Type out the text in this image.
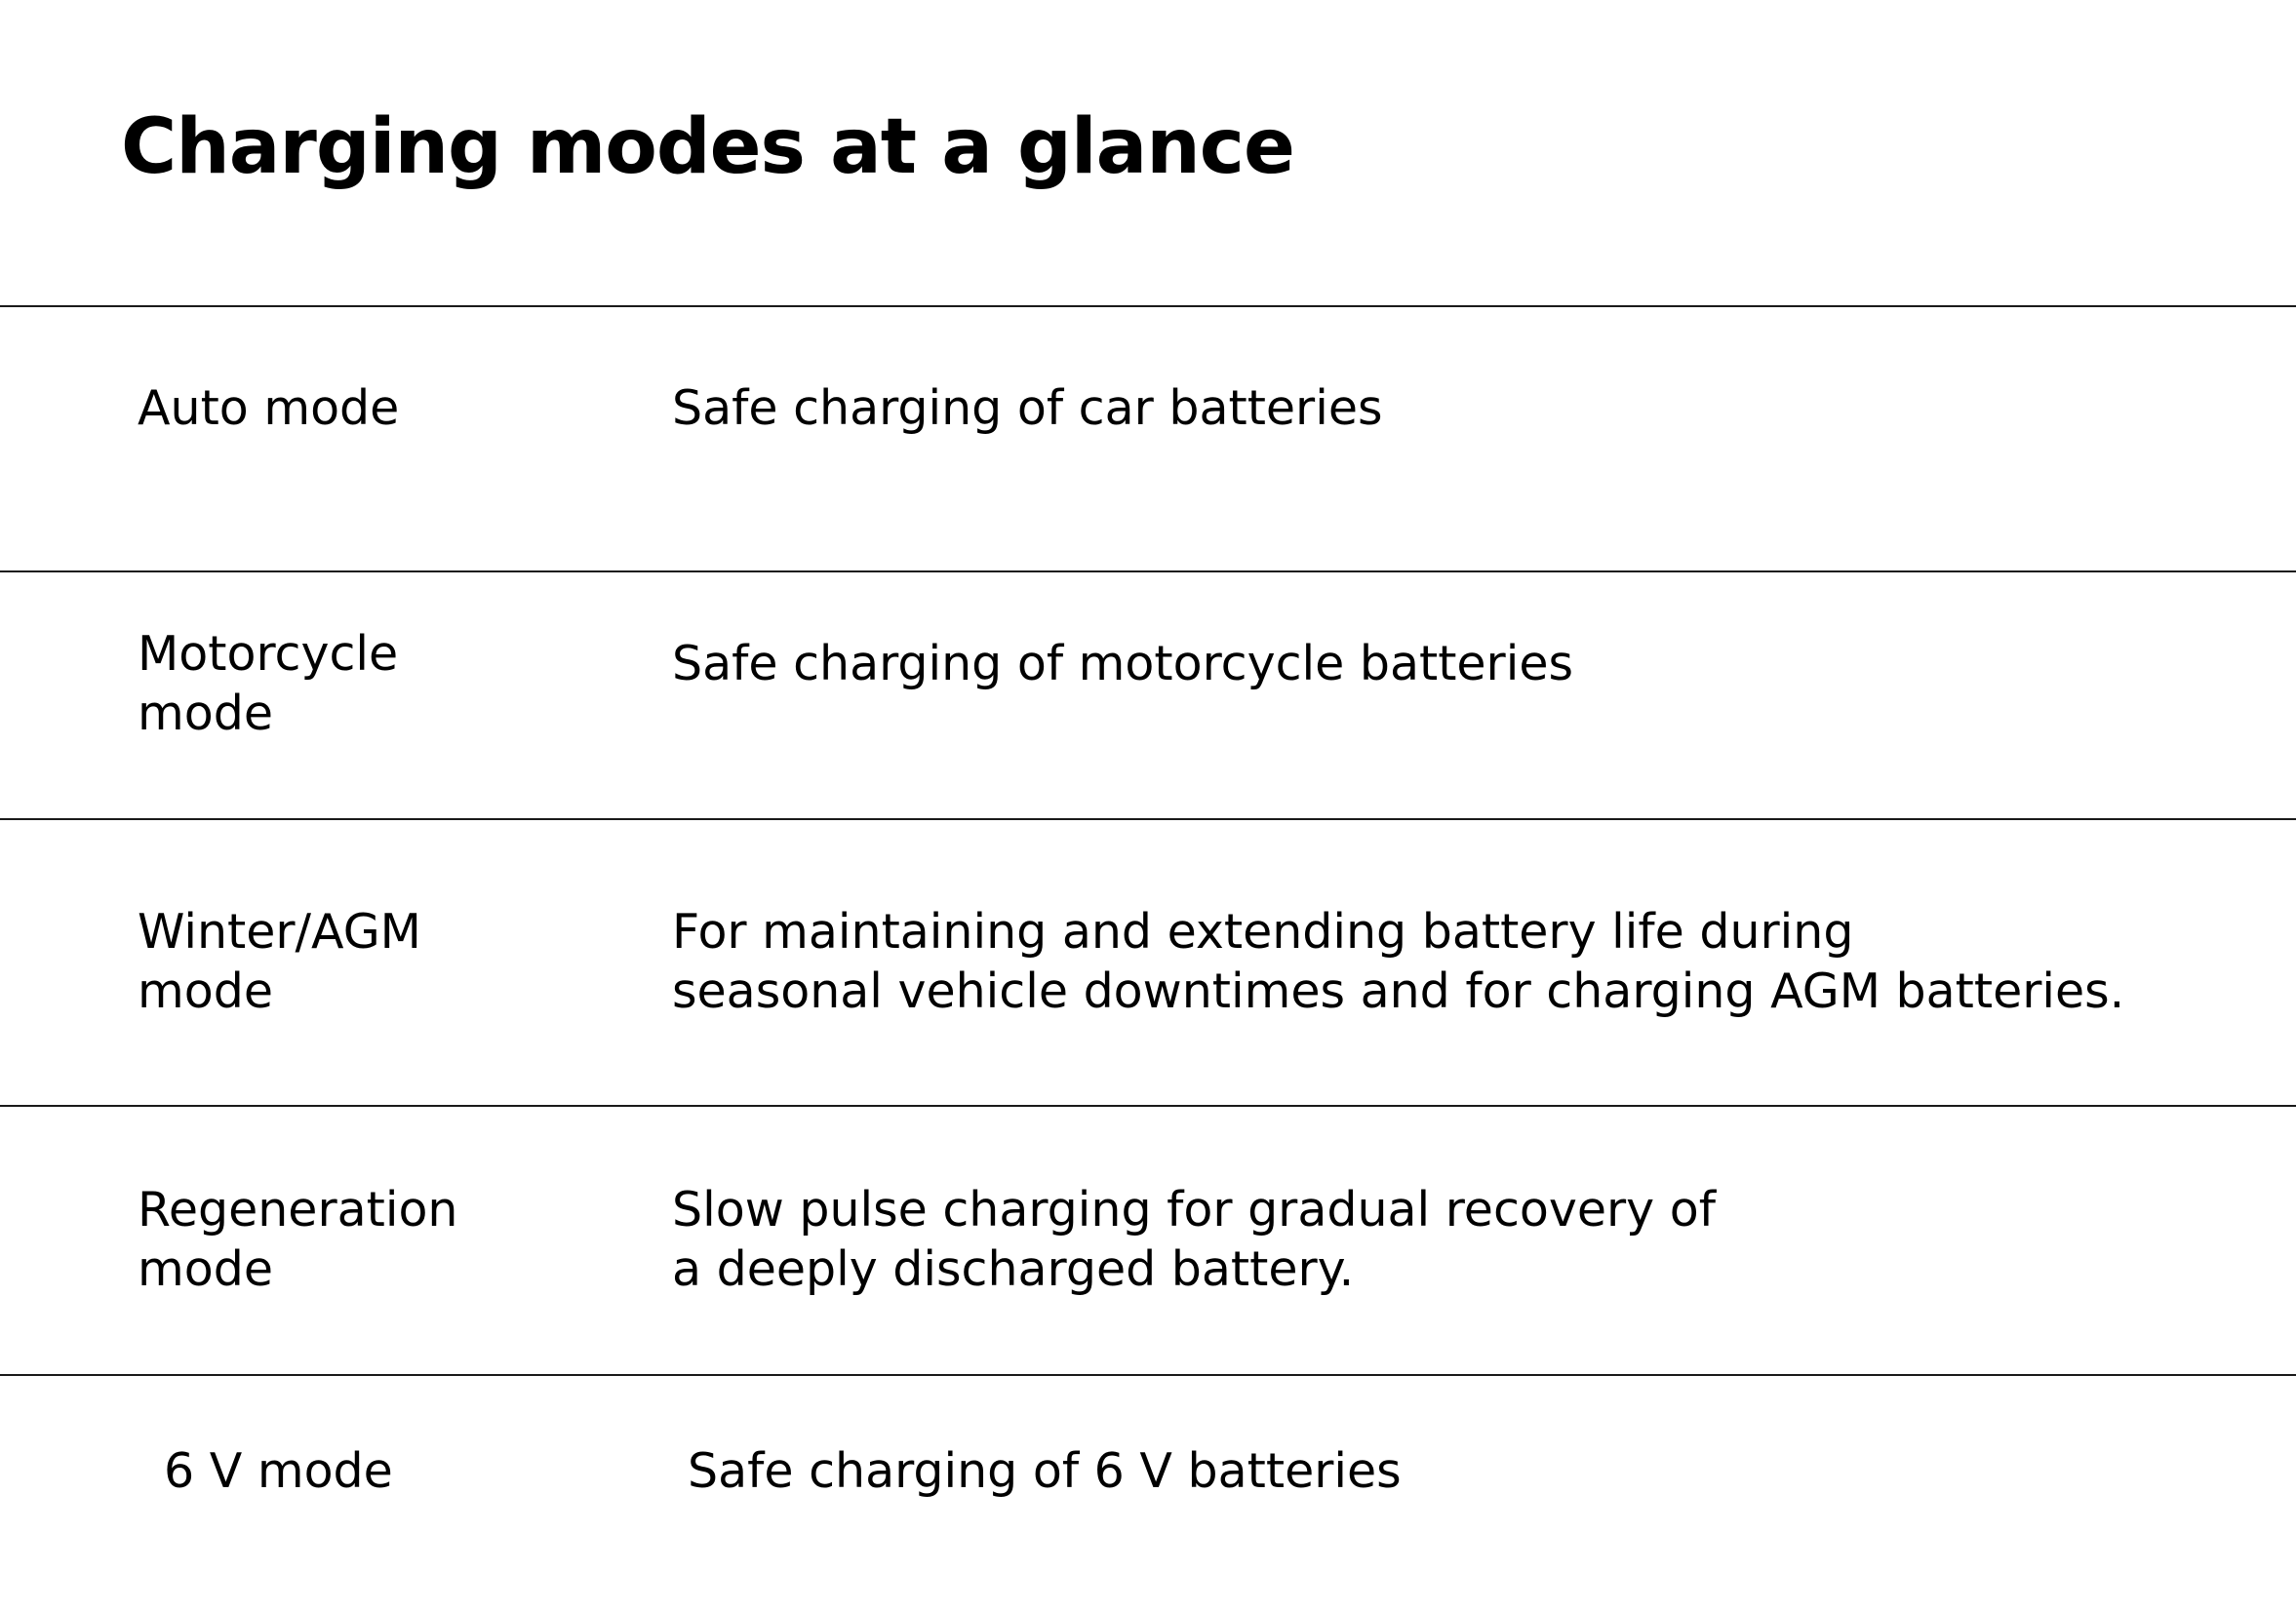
Charging modes at a glance

Auto mode	Safe charging of car batteries

Motorcycle
mode

Safe charging of motorcycle batteries

Winter/AGM
mode

For maintaining and extending battery life during
seasonal vehicle downtimes and for charging AGM batteries.

Regeneration
mode

Slow pulse charging for gradual recovery of
a deeply discharged battery.

6 V mode	Safe charging of 6 V batteries
